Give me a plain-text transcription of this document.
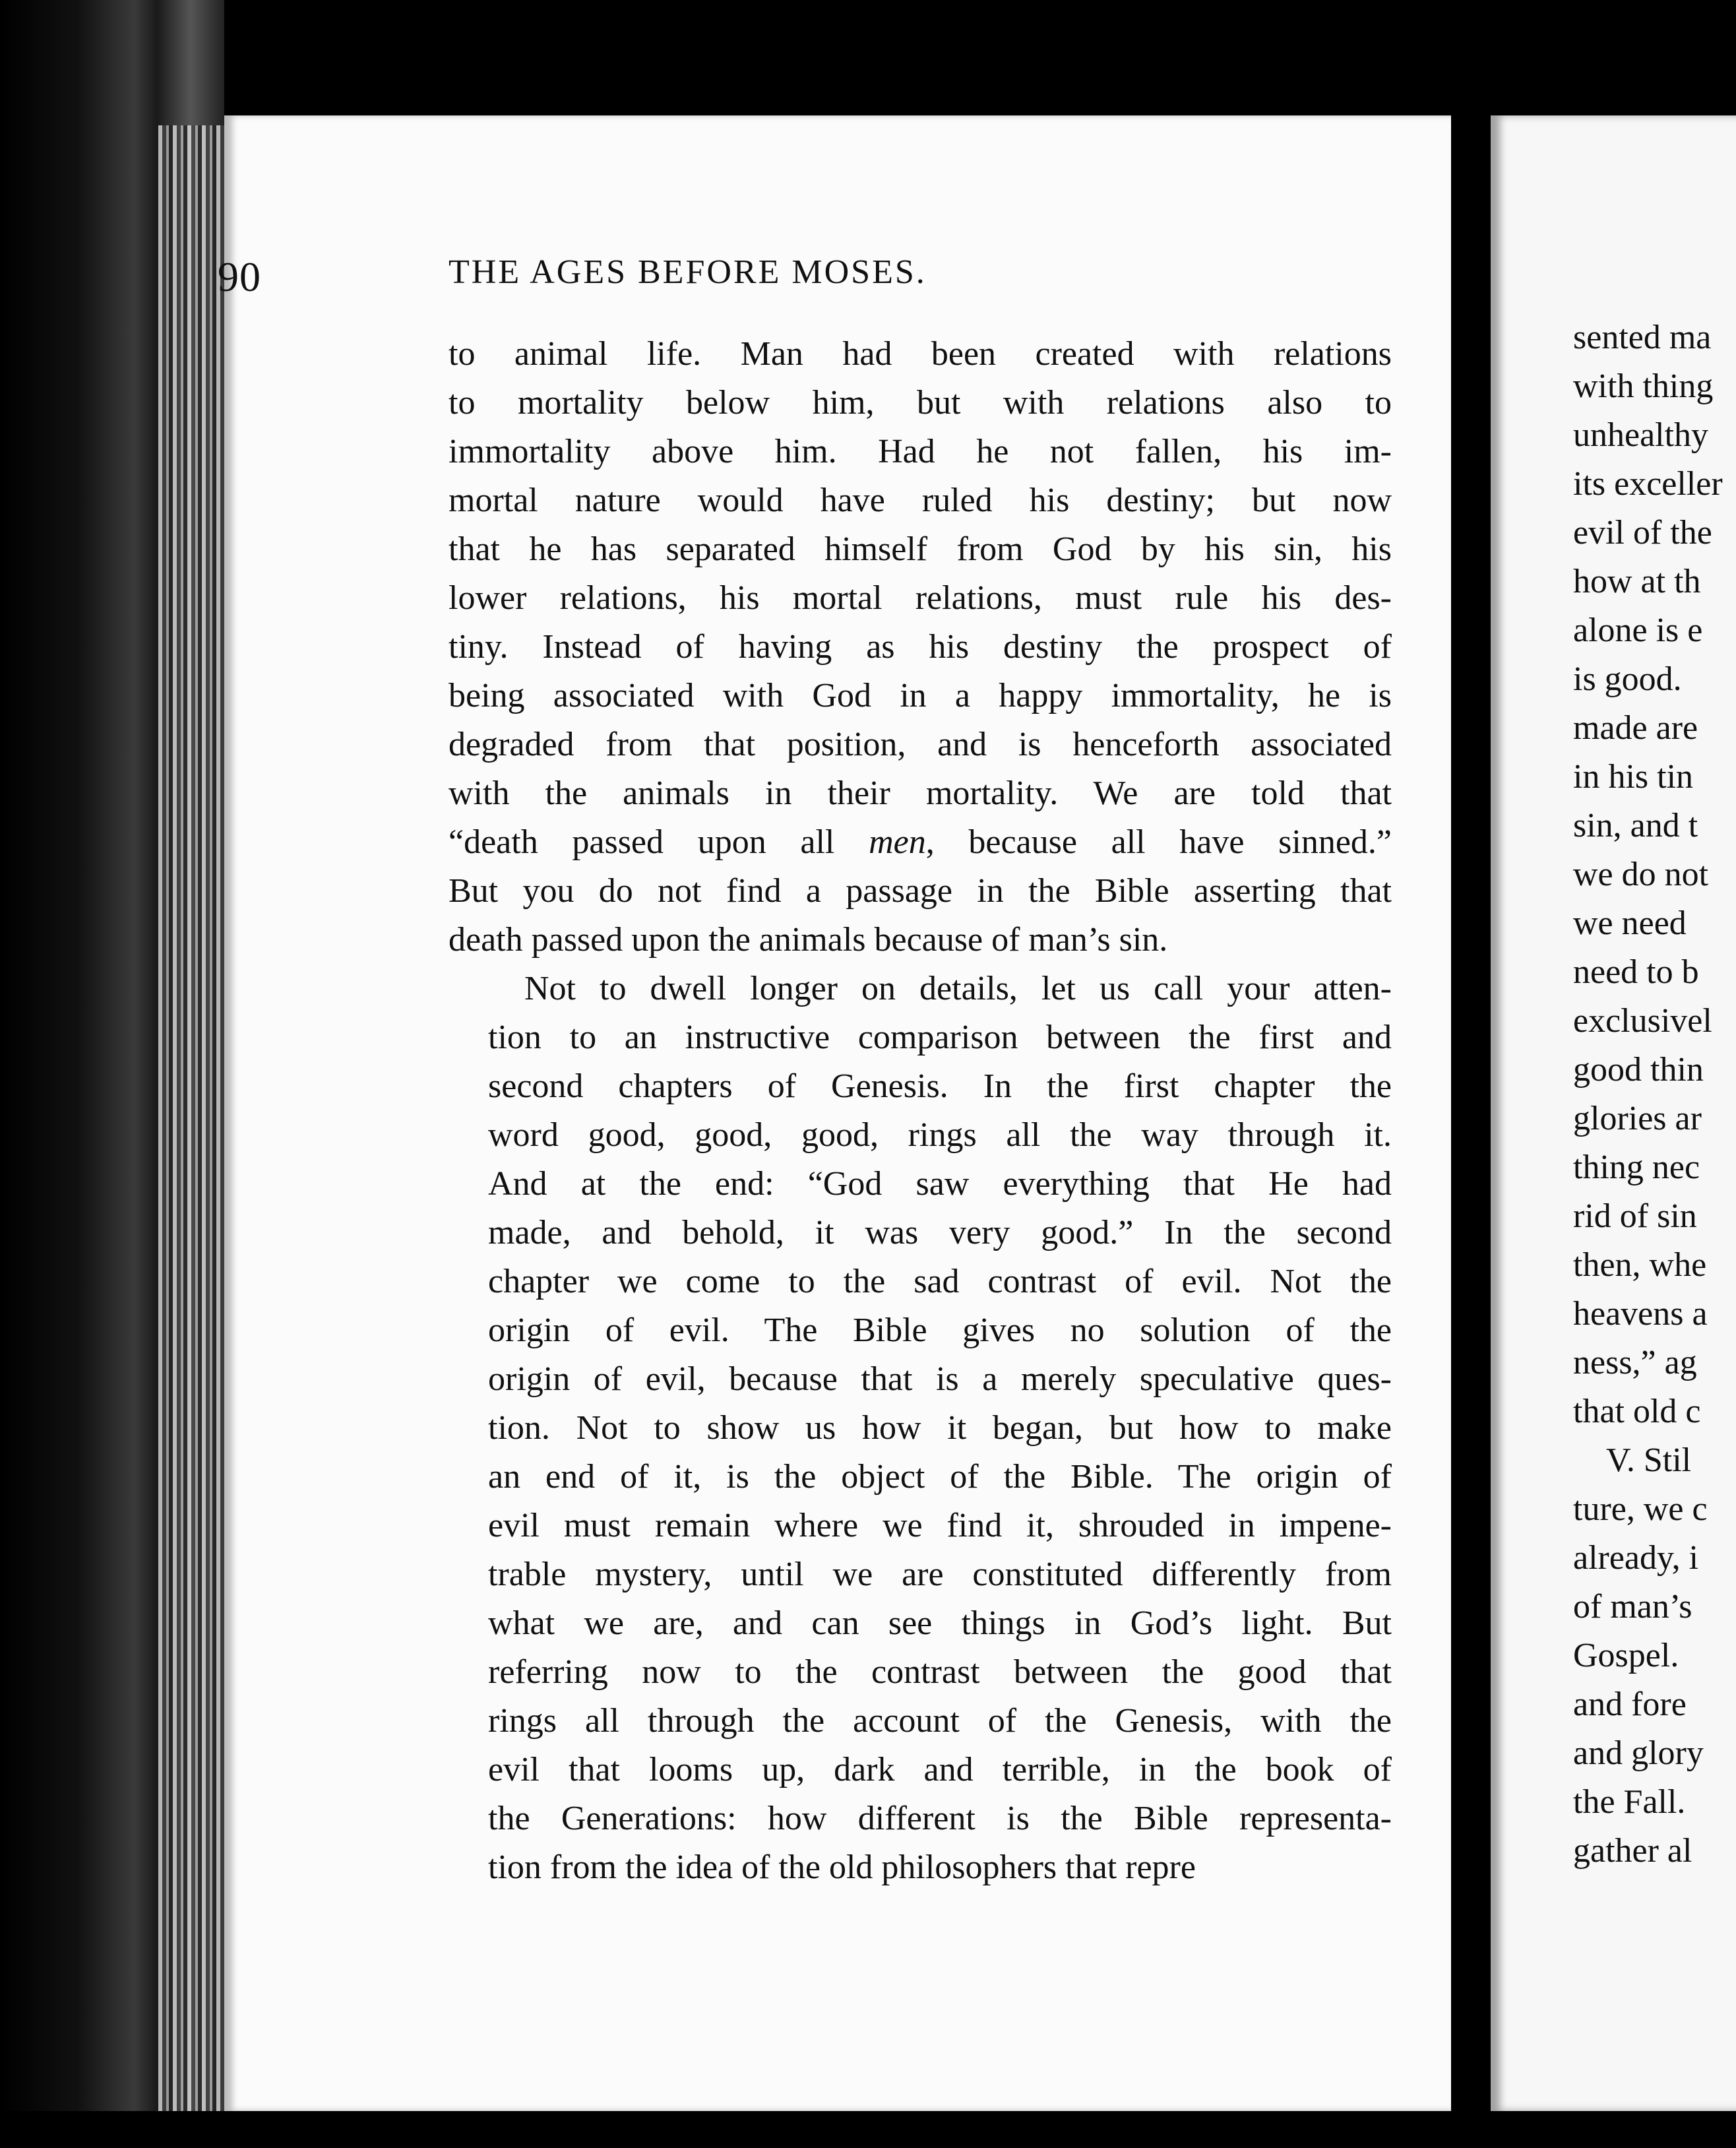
90	THE AGES BEFORE MOSES.

to animal life. Man had been created with relations
to mortality below him, but with relations also to
immortality above him. Had he not fallen, his im-
mortal nature would have ruled his destiny; but now
that he has separated himself from God by his sin, his
lower relations, his mortal relations, must rule his des-
tiny. Instead of having as his destiny the prospect of
being associated with God in a happy immortality, he is
degraded from that position, and is henceforth associated
with the animals in their mortality. We are told that
“death passed upon all men, because all have sinned.”
But you do not find a passage in the Bible asserting that
death passed upon the animals because of man’s sin.

Not to dwell longer on details, let us call your atten-
tion to an instructive comparison between the first and
second chapters of Genesis. In the first chapter the
word good, good, good, rings all the way through it.
And at the end: “God saw everything that He had
made, and behold, it was very good.” In the second
chapter we come to the sad contrast of evil. Not the
origin of evil. The Bible gives no solution of the
origin of evil, because that is a merely speculative ques-
tion. Not to show us how it began, but how to make
an end of it, is the object of the Bible. The origin of
evil must remain where we find it, shrouded in impene-
trable mystery, until we are constituted differently from
what we are, and can see things in God’s light. But
referring now to the contrast between the good that
rings all through the account of the Genesis, with the
evil that looms up, dark and terrible, in the book of
the Generations: how different is the Bible representa-
tion from the idea of the old philosophers that repre

sented ma
with thing
unhealthy
its exceller
evil of the
how at th
alone is e
is good.
made are
in his tin
sin, and t
we do not
we need
need to b
exclusivel
good thin
glories ar
thing nec
rid of sin
then, whe
heavens a
ness,” ag
that old c
V. Stil
ture, we c
already, i
of man’s
Gospel.
and fore
and glory
the Fall.
gather al
